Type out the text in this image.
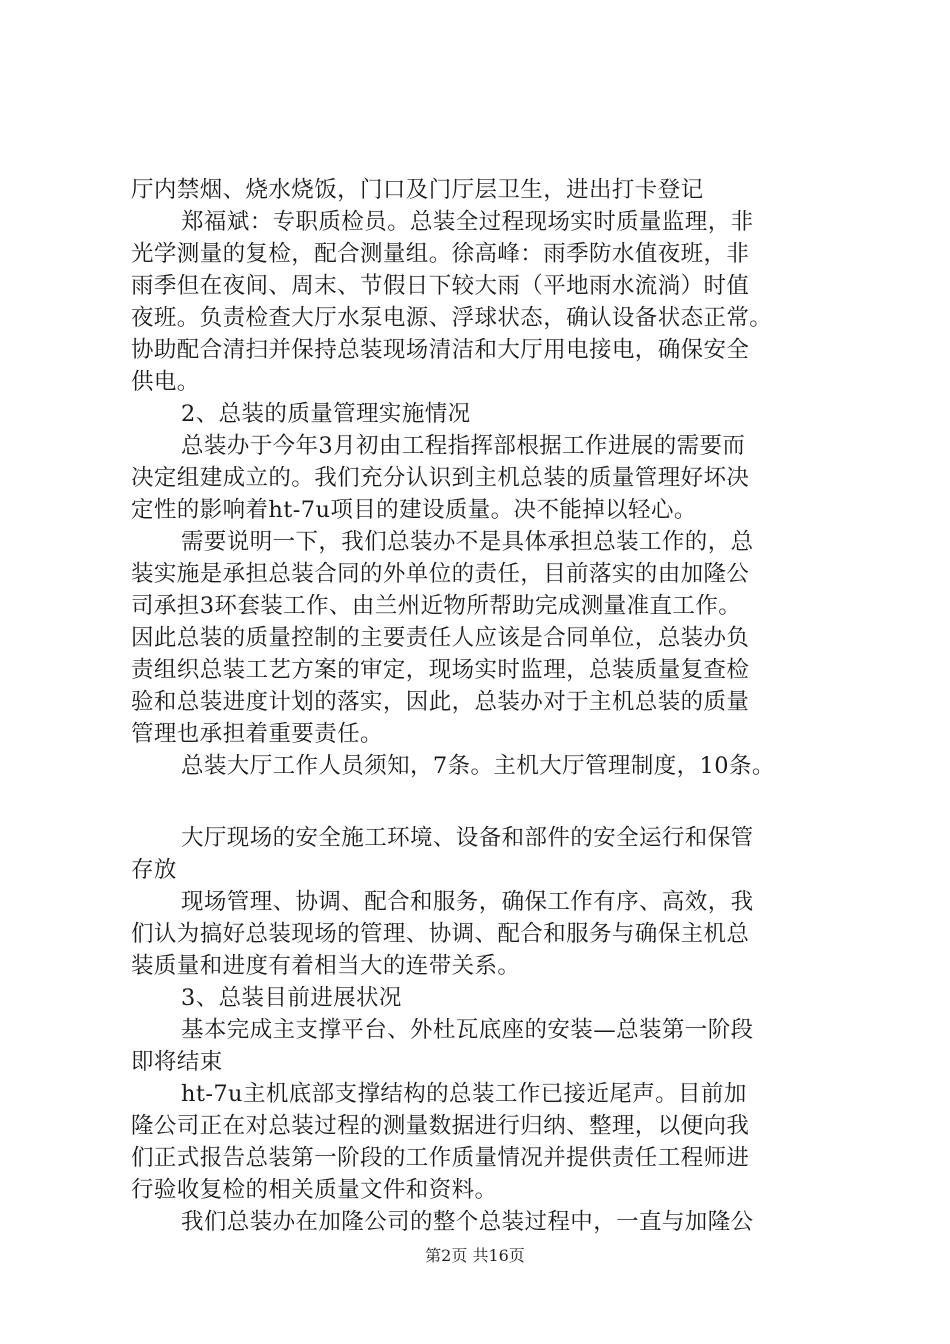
厅内禁烟、烧水烧饭，门口及门厅层卫生，进出打卡登记
郑福斌：专职质检员。总装全过程现场实时质量监理，非
光学测量的复检，配合测量组。徐高峰：雨季防水值夜班，非
雨季但在夜间、周末、节假日下较大雨（平地雨水流淌）时值
夜班。负责检查大厅水泵电源、浮球状态，确认设备状态正常。
协助配合清扫并保持总装现场清洁和大厅用电接电，确保安全
供电。
2、总装的质量管理实施情况
总装办于今年3月初由工程指挥部根据工作进展的需要而
决定组建成立的。我们充分认识到主机总装的质量管理好坏决
定性的影响着ht-7u项目的建设质量。决不能掉以轻心。
需要说明一下，我们总装办不是具体承担总装工作的，总
装实施是承担总装合同的外单位的责任，目前落实的由加隆公
司承担3环套装工作、由兰州近物所帮助完成测量准直工作。
因此总装的质量控制的主要责任人应该是合同单位，总装办负
责组织总装工艺方案的审定，现场实时监理，总装质量复查检
验和总装进度计划的落实，因此，总装办对于主机总装的质量
管理也承担着重要责任。
总装大厅工作人员须知，7条。主机大厅管理制度，10条。
大厅现场的安全施工环境、设备和部件的安全运行和保管
存放
现场管理、协调、配合和服务，确保工作有序、高效，我
们认为搞好总装现场的管理、协调、配合和服务与确保主机总
装质量和进度有着相当大的连带关系。
3、总装目前进展状况
基本完成主支撑平台、外杜瓦底座的安装—总装第一阶段
即将结束
ht-7u主机底部支撑结构的总装工作已接近尾声。目前加
隆公司正在对总装过程的测量数据进行归纳、整理，以便向我
们正式报告总装第一阶段的工作质量情况并提供责任工程师进
行验收复检的相关质量文件和资料。
我们总装办在加隆公司的整个总装过程中，一直与加隆公
第2页 共16页
